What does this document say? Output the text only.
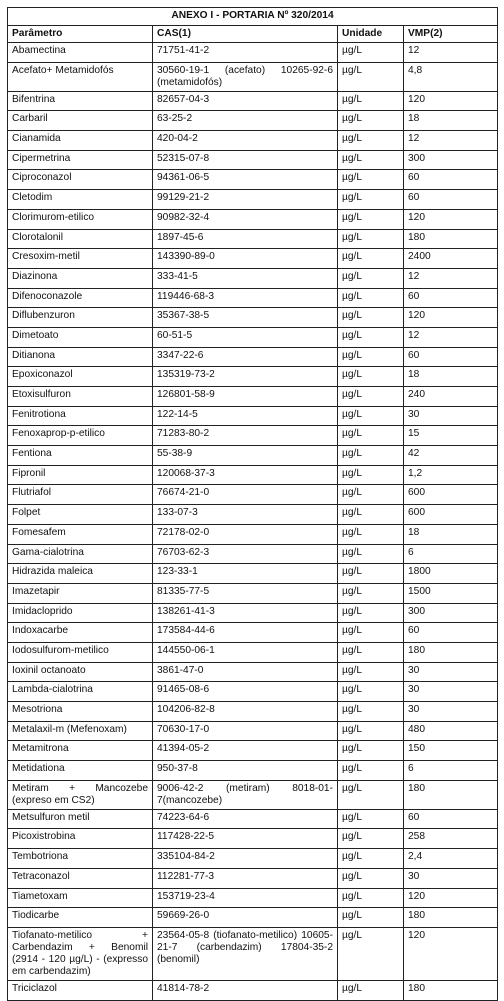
ANEXO I - PORTARIA Nº 320/2014			
Parâmetro	CAS(1)	Unidade	VMP(2)
Abamectina	71751-41-2	µg/L	12
Acefato+ Metamidofós	30560-19-1 (acefato) 10265-92-6 (metamidofós)	µg/L	4,8
Bifentrina	82657-04-3	µg/L	120
Carbaril	63-25-2	µg/L	18
Cianamida	420-04-2	µg/L	12
Cipermetrina	52315-07-8	µg/L	300
Ciproconazol	94361-06-5	µg/L	60
Cletodim	99129-21-2	µg/L	60
Clorimurom-etilico	90982-32-4	µg/L	120
Clorotalonil	1897-45-6	µg/L	180
Cresoxim-metil	143390-89-0	µg/L	2400
Diazinona	333-41-5	µg/L	12
Difenoconazole	119446-68-3	µg/L	60
Diflubenzuron	35367-38-5	µg/L	120
Dimetoato	60-51-5	µg/L	12
Ditianona	3347-22-6	µg/L	60
Epoxiconazol	135319-73-2	µg/L	18
Etoxisulfuron	126801-58-9	µg/L	240
Fenitrotiona	122-14-5	µg/L	30
Fenoxaprop-p-etilico	71283-80-2	µg/L	15
Fentiona	55-38-9	µg/L	42
Fipronil	120068-37-3	µg/L	1,2
Flutriafol	76674-21-0	µg/L	600
Folpet	133-07-3	µg/L	600
Fomesafem	72178-02-0	µg/L	18
Gama-cialotrina	76703-62-3	µg/L	6
Hidrazida maleica	123-33-1	µg/L	1800
Imazetapir	81335-77-5	µg/L	1500
Imidacloprido	138261-41-3	µg/L	300
Indoxacarbe	173584-44-6	µg/L	60
Iodosulfurom-metilico	144550-06-1	µg/L	180
Ioxinil octanoato	3861-47-0	µg/L	30
Lambda-cialotrina	91465-08-6	µg/L	30
Mesotriona	104206-82-8	µg/L	30
Metalaxil-m (Mefenoxam)	70630-17-0	µg/L	480
Metamitrona	41394-05-2	µg/L	150
Metidationa	950-37-8	µg/L	6
Metiram + Mancozebe (expreso em CS2)	9006-42-2 (metiram) 8018-01-7(mancozebe)	µg/L	180
Metsulfuron metil	74223-64-6	µg/L	60
Picoxistrobina	117428-22-5	µg/L	258
Tembotriona	335104-84-2	µg/L	2,4
Tetraconazol	112281-77-3	µg/L	30
Tiametoxam	153719-23-4	µg/L	120
Tiodicarbe	59669-26-0	µg/L	180
Tiofanato-metilico + Carbendazim + Benomil (2914 - 120 µg/L) - (expresso em carbendazim)	23564-05-8 (tiofanato-metilico) 10605-21-7 (carbendazim) 17804-35-2 (benomil)	µg/L	120
Triciclazol	41814-78-2	µg/L	180
